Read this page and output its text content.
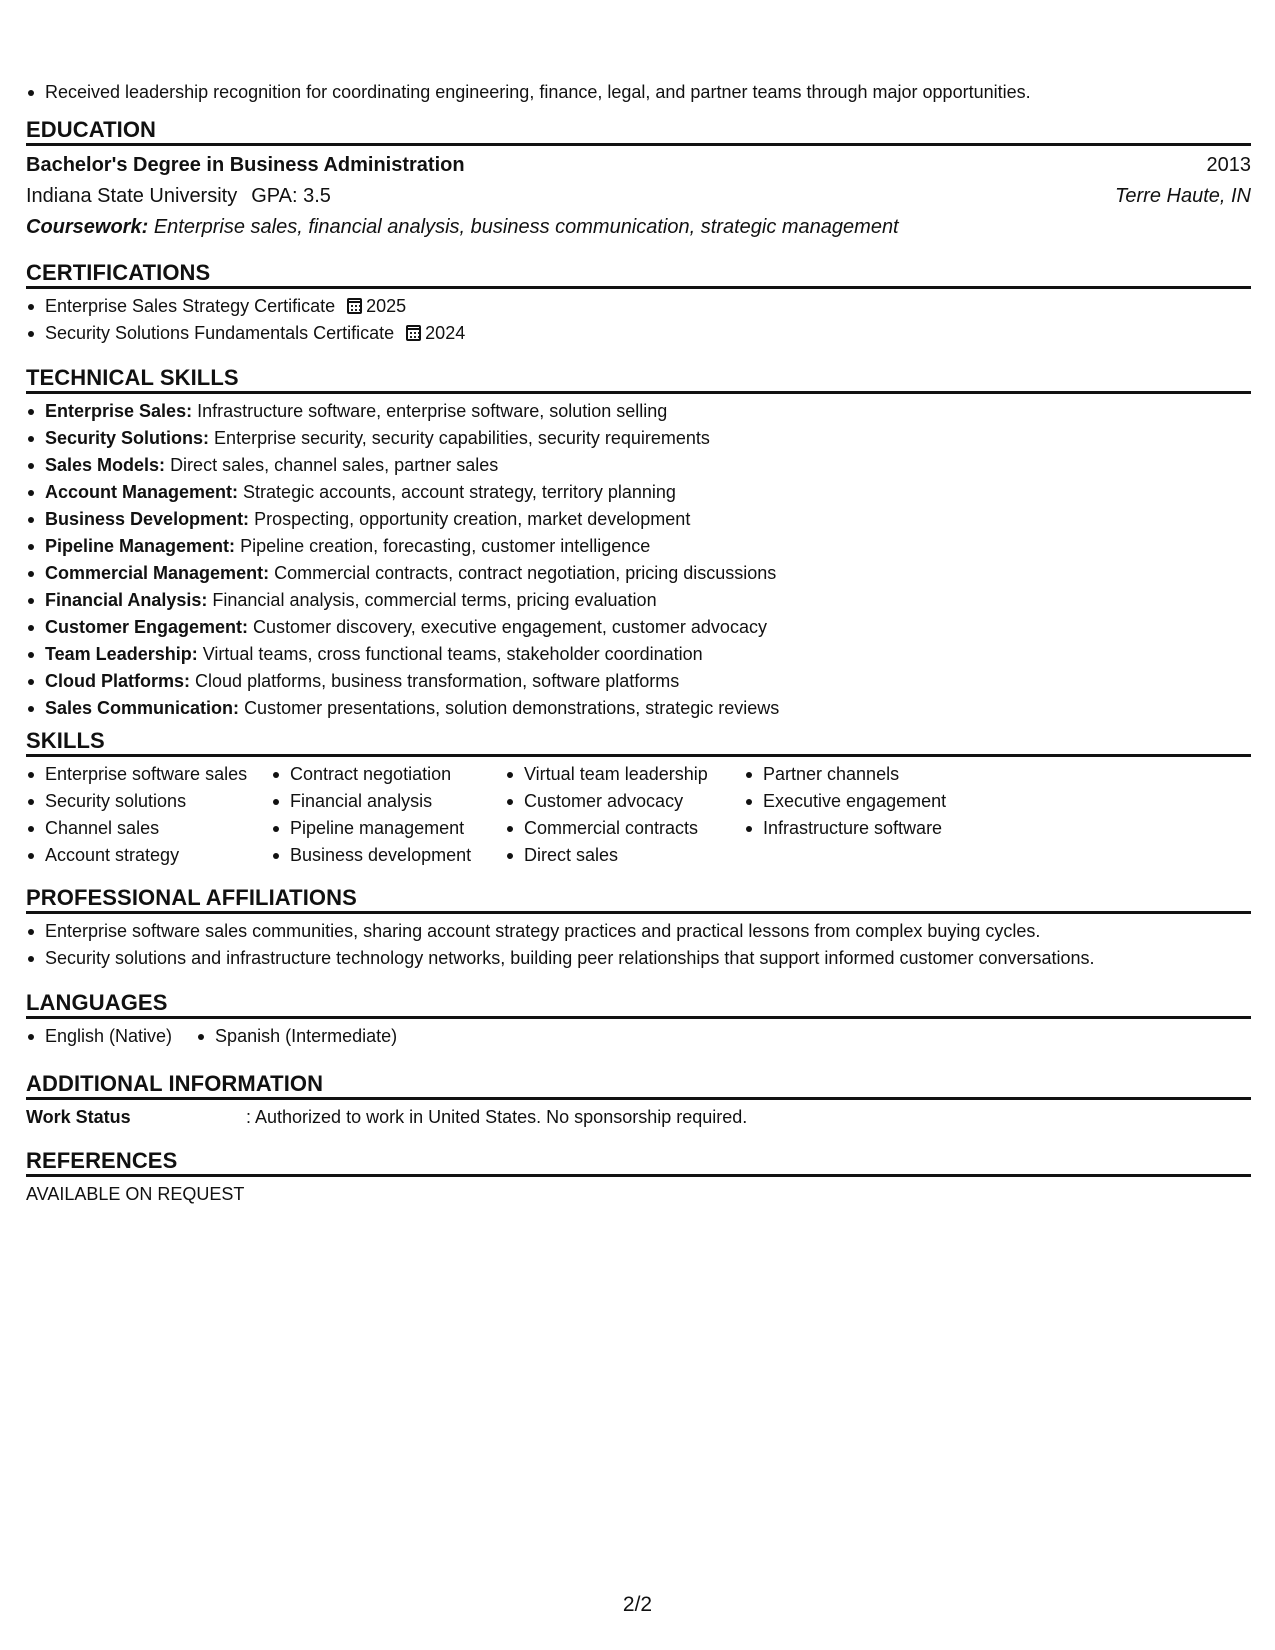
Received leadership recognition for coordinating engineering, finance, legal, and partner teams through major opportunities.
EDUCATION
Bachelor's Degree in Business Administration	2013
Indiana State University GPA: 3.5	Terre Haute, IN
Coursework: Enterprise sales, financial analysis, business communication, strategic management
CERTIFICATIONS
Enterprise Sales Strategy Certificate 2025
Security Solutions Fundamentals Certificate 2024
TECHNICAL SKILLS
Enterprise Sales: Infrastructure software, enterprise software, solution selling
Security Solutions: Enterprise security, security capabilities, security requirements
Sales Models: Direct sales, channel sales, partner sales
Account Management: Strategic accounts, account strategy, territory planning
Business Development: Prospecting, opportunity creation, market development
Pipeline Management: Pipeline creation, forecasting, customer intelligence
Commercial Management: Commercial contracts, contract negotiation, pricing discussions
Financial Analysis: Financial analysis, commercial terms, pricing evaluation
Customer Engagement: Customer discovery, executive engagement, customer advocacy
Team Leadership: Virtual teams, cross functional teams, stakeholder coordination
Cloud Platforms: Cloud platforms, business transformation, software platforms
Sales Communication: Customer presentations, solution demonstrations, strategic reviews
SKILLS
Enterprise software sales
Security solutions
Channel sales
Account strategy
Contract negotiation
Financial analysis
Pipeline management
Business development
Virtual team leadership
Customer advocacy
Commercial contracts
Direct sales
Partner channels
Executive engagement
Infrastructure software
PROFESSIONAL AFFILIATIONS
Enterprise software sales communities, sharing account strategy practices and practical lessons from complex buying cycles.
Security solutions and infrastructure technology networks, building peer relationships that support informed customer conversations.
LANGUAGES
English (Native)	Spanish (Intermediate)
ADDITIONAL INFORMATION
Work Status	: Authorized to work in United States. No sponsorship required.
REFERENCES
AVAILABLE ON REQUEST
2/2
